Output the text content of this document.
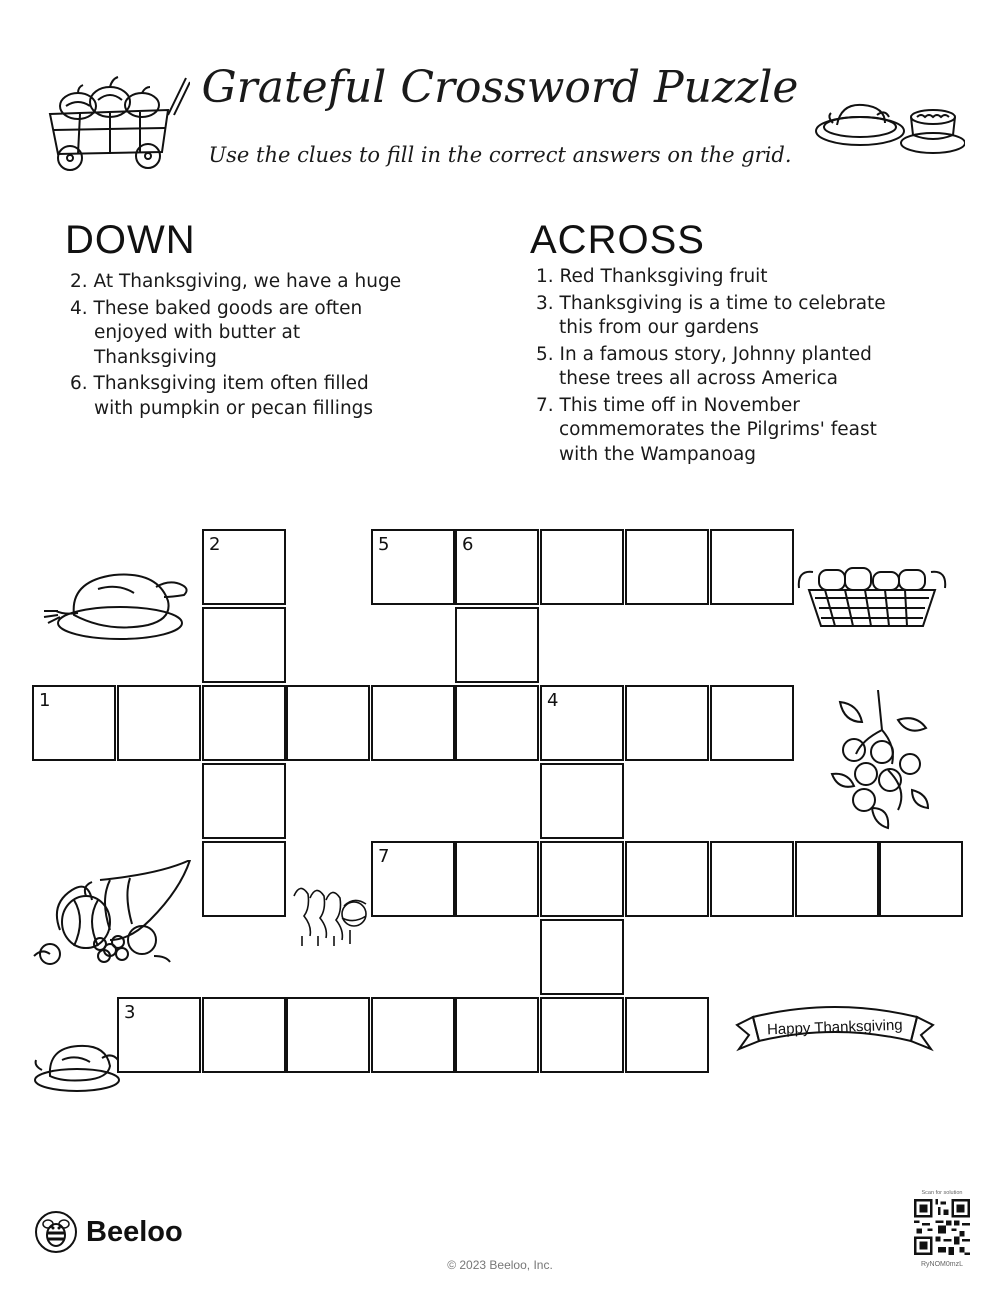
Grateful Crossword Puzzle
Use the clues to fill in the correct answers on the grid.
DOWN
2. At Thanksgiving, we have a huge
4. These baked goods are often enjoyed with butter at Thanksgiving
6. Thanksgiving item often filled with pumpkin or pecan fillings
ACROSS
1. Red Thanksgiving fruit
3. Thanksgiving is a time to celebrate this from our gardens
5. In a famous story, Johnny planted these trees all across America
7. This time off in November commemorates the Pilgrims' feast with the Wampanoag
2	5	6
1	4
7
3
Happy Thanksgiving
Beeloo
© 2023 Beeloo, Inc.
Scan for solution
RyNOM0mzL
